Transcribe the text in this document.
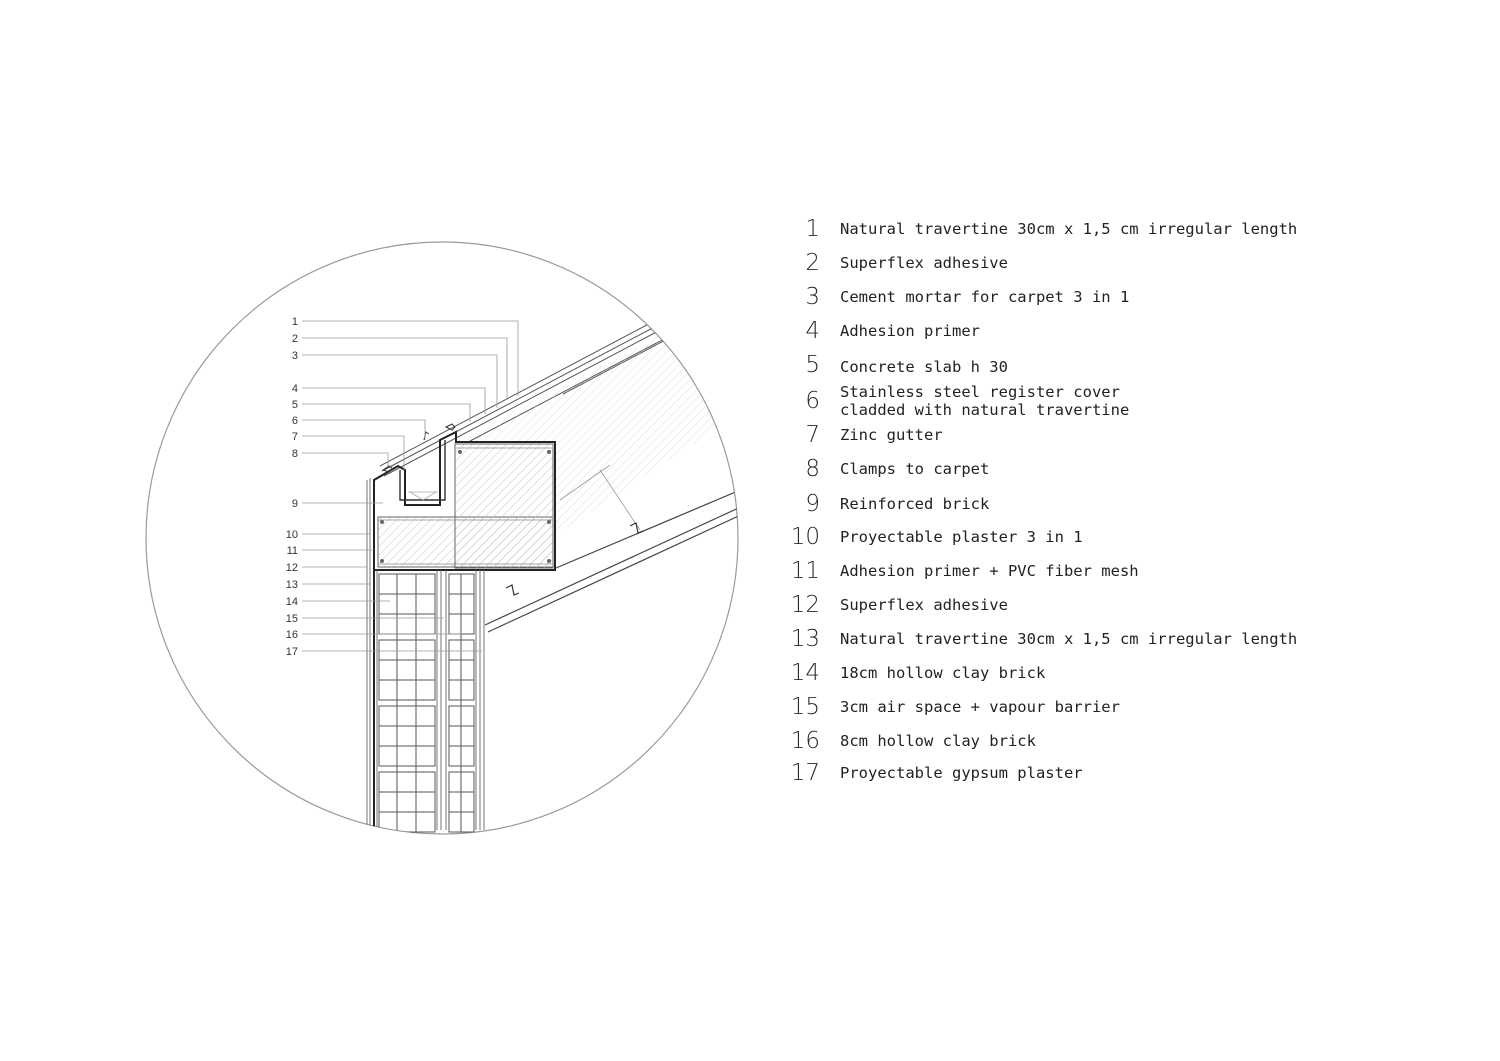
1
2
3
4
5
6
7
8
9
10
11
12
13
14
15
16
17
1 Natural travertine 30cm x 1,5 cm irregular length
2 Superflex adhesive
3 Cement mortar for carpet 3 in 1
4 Adhesion primer
5 Concrete slab h 30
6 Stainless steel register cover
cladded with natural travertine
7 Zinc gutter
8 Clamps to carpet
9 Reinforced brick
10 Proyectable plaster 3 in 1
11 Adhesion primer + PVC fiber mesh
12 Superflex adhesive
13 Natural travertine 30cm x 1,5 cm irregular length
14 18cm hollow clay brick
15 3cm air space + vapour barrier
16 8cm hollow clay brick
17 Proyectable gypsum plaster
